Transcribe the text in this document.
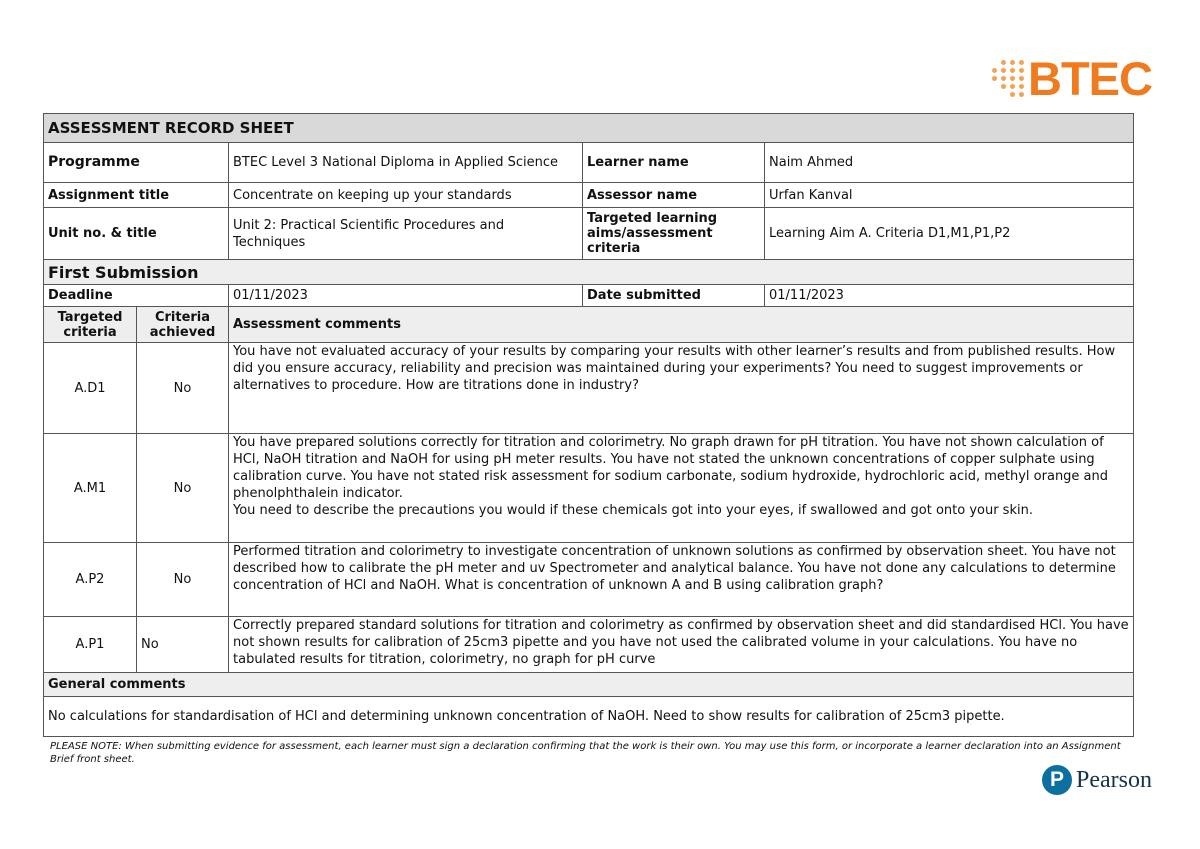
BTEC
ASSESSMENT RECORD SHEET				
Programme		BTEC Level 3 National Diploma in Applied Science	Learner name	Naim Ahmed
Assignment title		Concentrate on keeping up your standards	Assessor name	Urfan Kanval
Unit no. & title		Unit 2: Practical Scientific Procedures and Techniques	Targeted learning aims/assessment criteria	Learning Aim A. Criteria D1,M1,P1,P2
First Submission				
Deadline		01/11/2023	Date submitted	01/11/2023
Targeted criteria	Criteria achieved	Assessment comments		
A.D1	No	You have not evaluated accuracy of your results by comparing your results with other learner’s results and from published results. How did you ensure accuracy, reliability and precision was maintained during your experiments? You need to suggest improvements or alternatives to procedure. How are titrations done in industry?		
A.M1	No	You have prepared solutions correctly for titration and colorimetry. No graph drawn for pH titration. You have not shown calculation of HCl, NaOH titration and NaOH for using pH meter results. You have not stated the unknown concentrations of copper sulphate using calibration curve. You have not stated risk assessment for sodium carbonate, sodium hydroxide, hydrochloric acid, methyl orange and phenolphthalein indicator.
You need to describe the precautions you would if these chemicals got into your eyes, if swallowed and got onto your skin.		

A.P2	No	Performed titration and colorimetry to investigate concentration of unknown solutions as confirmed by observation sheet. You have not described how to calibrate the pH meter and uv Spectrometer and analytical balance. You have not done any calculations to determine concentration of HCl and NaOH. What is concentration of unknown A and B using calibration graph?		
A.P1	No	Correctly prepared standard solutions for titration and colorimetry as confirmed by observation sheet and did standardised HCl. You have not shown results for calibration of 25cm3 pipette and you have not used the calibrated volume in your calculations. You have no tabulated results for titration, colorimetry, no graph for pH curve		
General comments				
No calculations for standardisation of HCl and determining unknown concentration of NaOH. Need to show results for calibration of 25cm3 pipette.				
PLEASE NOTE: When submitting evidence for assessment, each learner must sign a declaration confirming that the work is their own. You may use this form, or incorporate a learner declaration into an Assignment Brief front sheet.
P Pearson
